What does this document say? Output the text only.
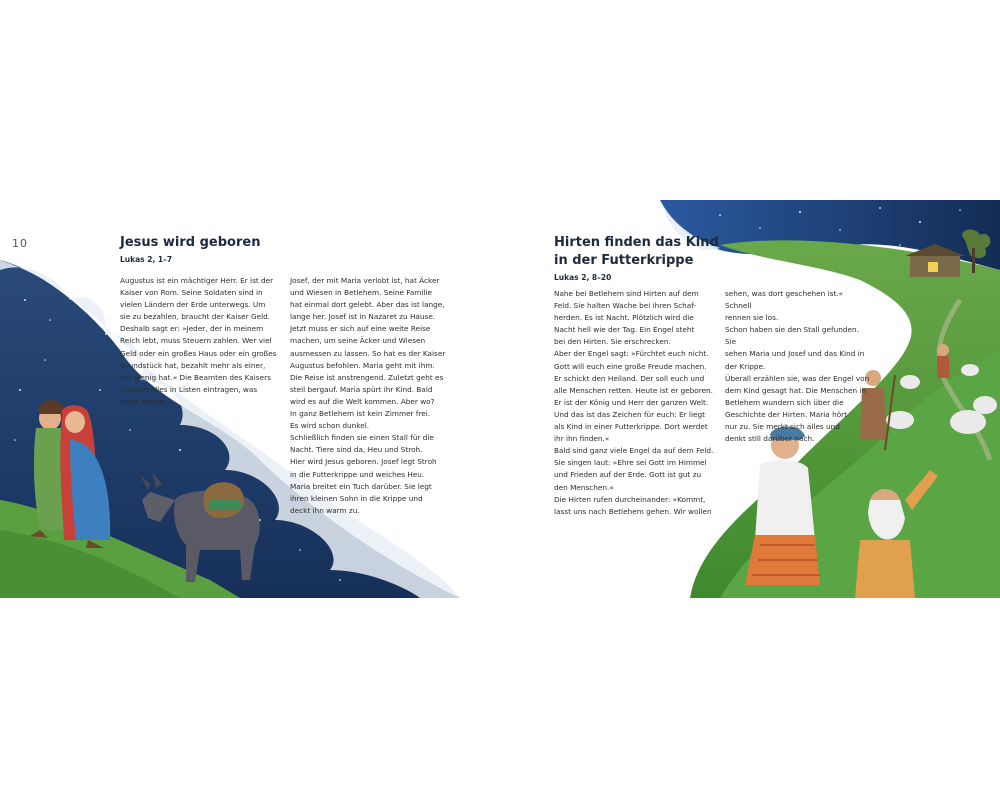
10	Jesus wird geboren
Lukas 2, 1–7
Augustus ist ein mächtiger Herr. Er ist der
Kaiser von Rom. Seine Soldaten sind in
vielen Ländern der Erde unterwegs. Um
sie zu bezahlen, braucht der Kaiser Geld.
Deshalb sagt er: »Jeder, der in meinem
Reich lebt, muss Steuern zahlen. Wer viel
Geld oder ein großes Haus oder ein großes
Grundstück hat, bezahlt mehr als einer,
der wenig hat.« Die Beamten des Kaisers
müssen alles in Listen eintragen, was
einer besitzt.
Josef, der mit Maria verlobt ist, hat Äcker
und Wiesen in Betlehem. Seine Familie
hat einmal dort gelebt. Aber das ist lange,
lange her. Josef ist in Nazaret zu Hause.
Jetzt muss er sich auf eine weite Reise
machen, um seine Äcker und Wiesen
ausmessen zu lassen. So hat es der Kaiser
Augustus befohlen. Maria geht mit ihm.
Die Reise ist anstrengend. Zuletzt geht es
steil bergauf. Maria spürt ihr Kind. Bald
wird es auf die Welt kommen. Aber wo?
In ganz Betlehem ist kein Zimmer frei.
Es wird schon dunkel.
Schließlich finden sie einen Stall für die
Nacht. Tiere sind da, Heu und Stroh.
Hier wird Jesus geboren. Josef legt Stroh
in die Futterkrippe und weiches Heu.
Maria breitet ein Tuch darüber. Sie legt
ihren kleinen Sohn in die Krippe und
deckt ihn warm zu.
Hirten finden das Kind
in der Futterkrippe
Lukas 2, 8–20
Nahe bei Betlehem sind Hirten auf dem
Feld. Sie halten Wache bei ihren Schaf-
herden. Es ist Nacht. Plötzlich wird die
Nacht hell wie der Tag. Ein Engel steht
bei den Hirten. Sie erschrecken.
Aber der Engel sagt: »Fürchtet euch nicht.
Gott will euch eine große Freude machen.
Er schickt den Heiland. Der soll euch und
alle Menschen retten. Heute ist er geboren.
Er ist der König und Herr der ganzen Welt.
Und das ist das Zeichen für euch: Er liegt
als Kind in einer Futterkrippe. Dort werdet
ihr ihn finden.«
Bald sind ganz viele Engel da auf dem Feld.
Sie singen laut: »Ehre sei Gott im Himmel
und Frieden auf der Erde. Gott ist gut zu
den Menschen.«
Die Hirten rufen durcheinander: »Kommt,
lasst uns nach Betlehem gehen. Wir wollen
sehen, was dort geschehen ist.« Schnell
rennen sie los.
Schon haben sie den Stall gefunden. Sie
sehen Maria und Josef und das Kind in
der Krippe.
Überall erzählen sie, was der Engel von
dem Kind gesagt hat. Die Menschen in
Betlehem wundern sich über die
Geschichte der Hirten. Maria hört
nur zu. Sie merkt sich alles und
denkt still darüber nach.
